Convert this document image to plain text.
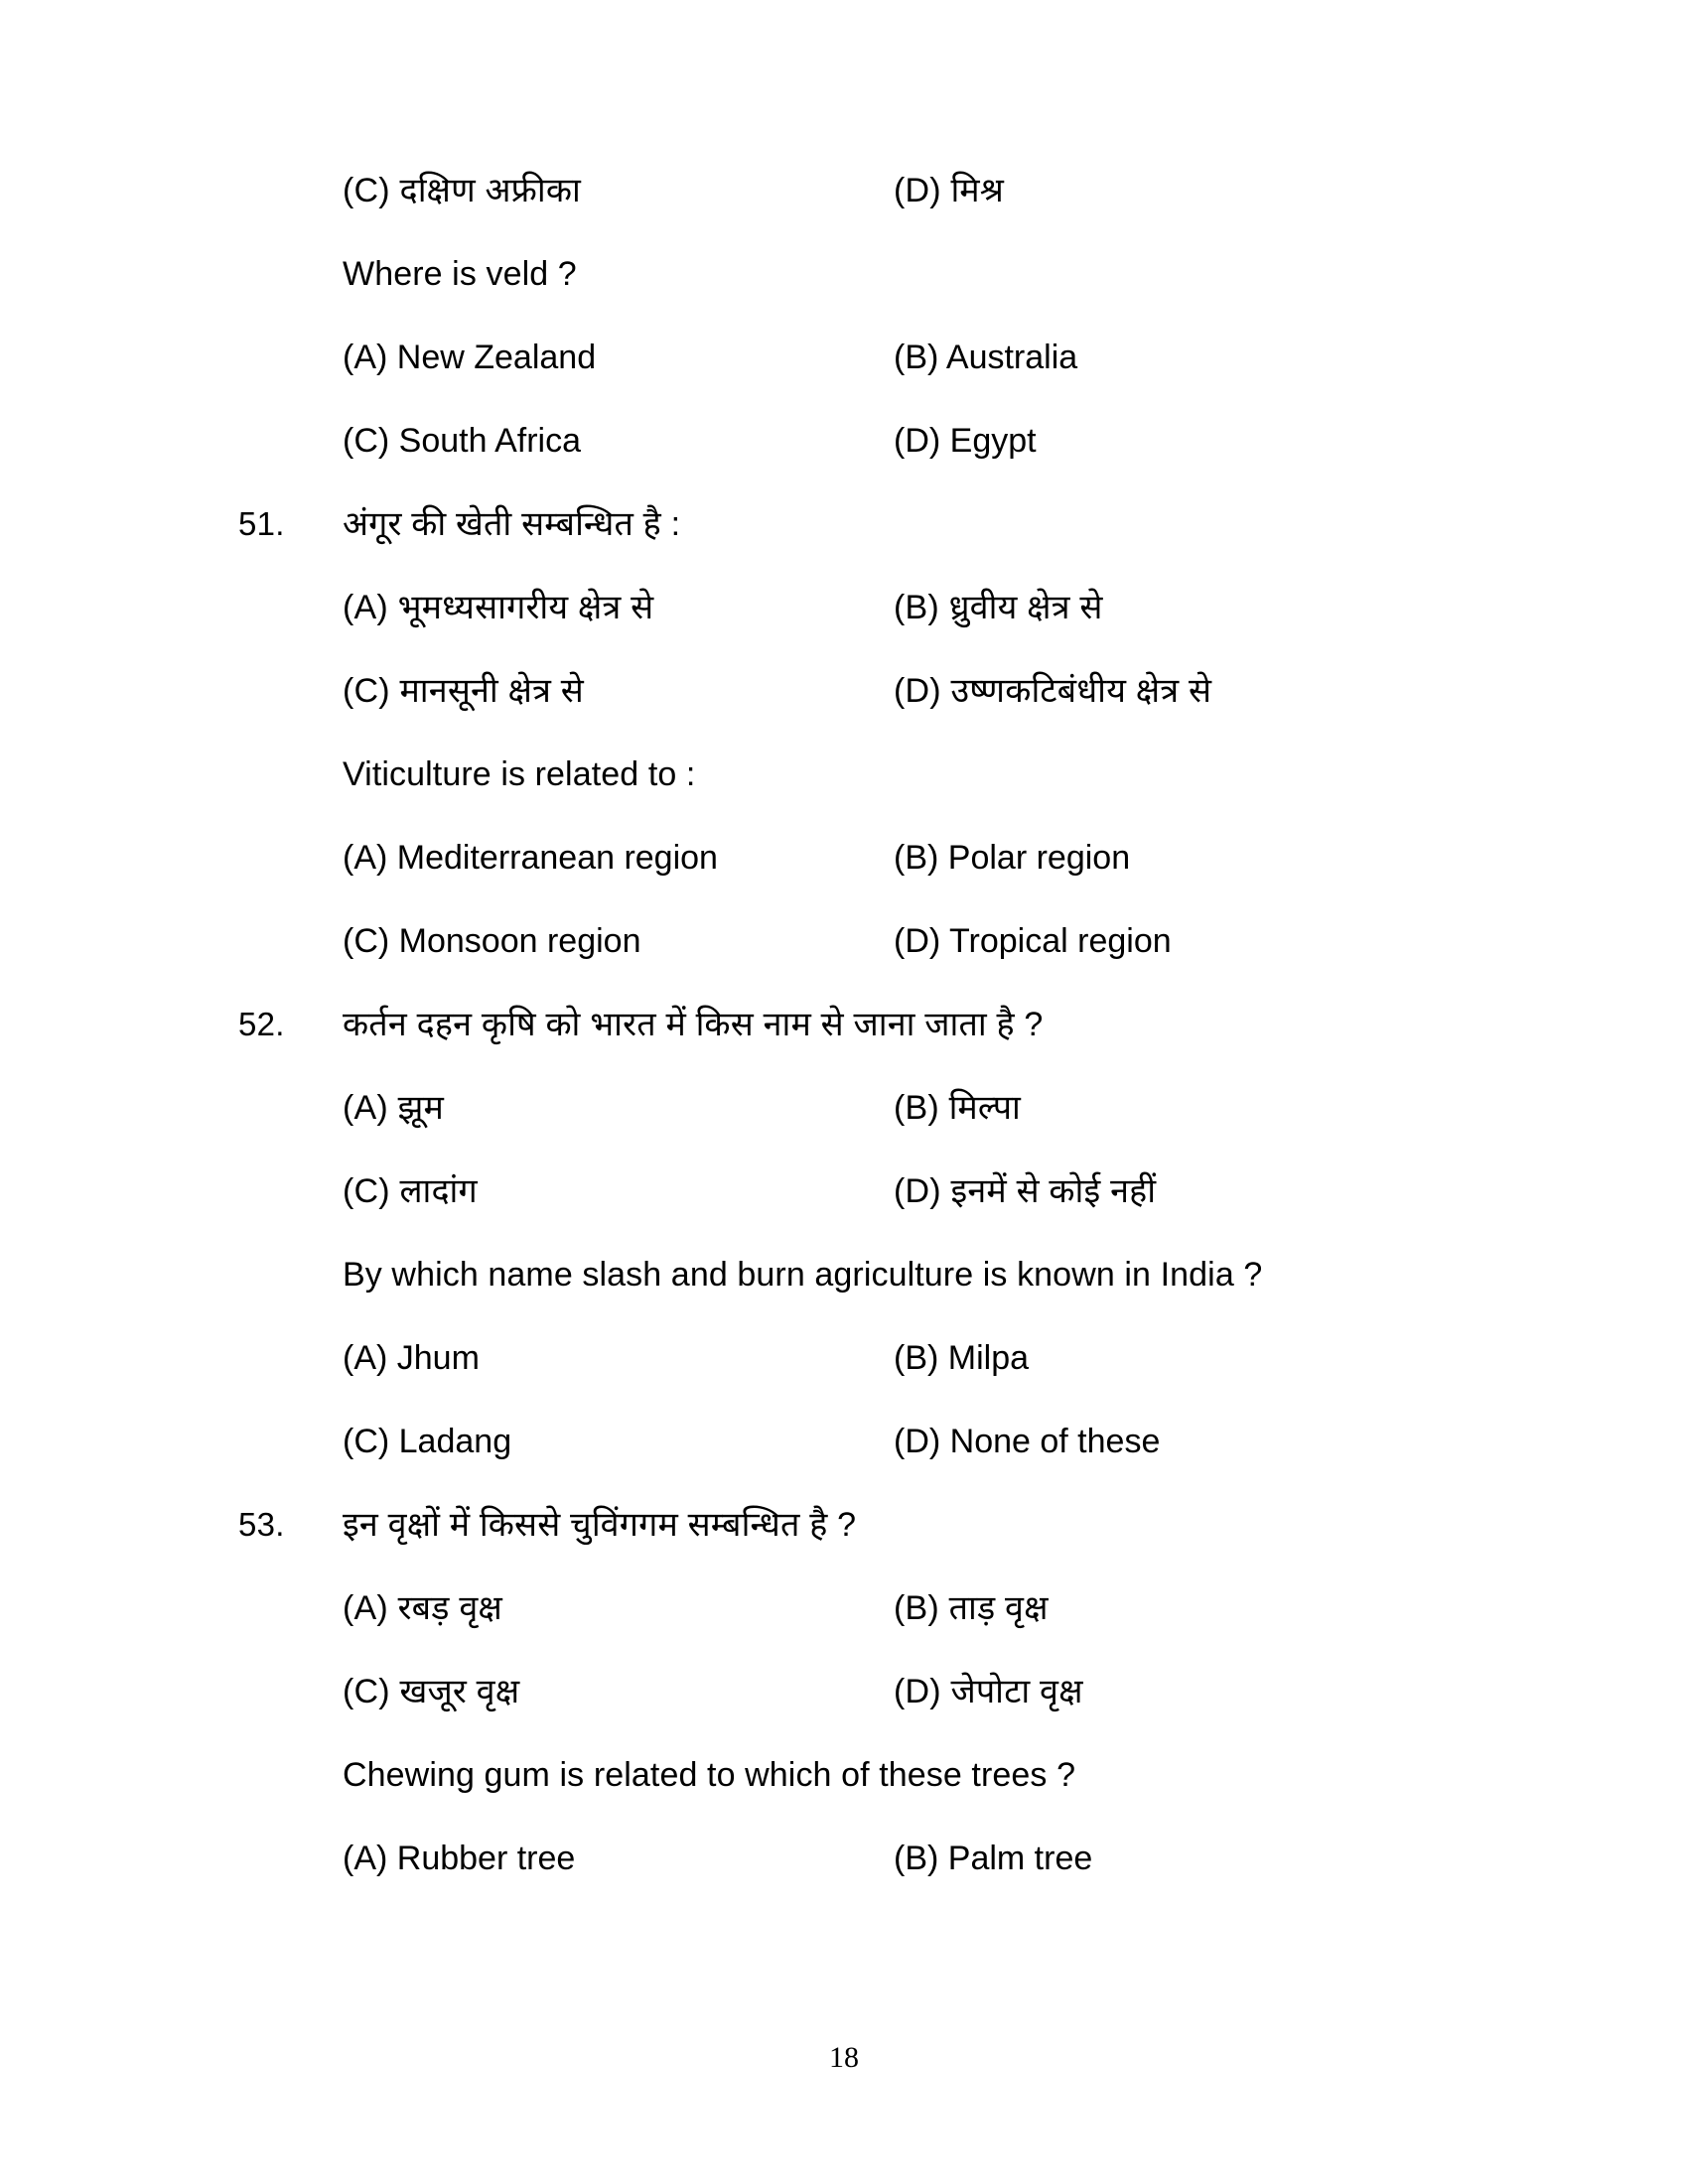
(C) दक्षिण अफ्रीका	(D) मिश्र
Where is veld ?
(A) New Zealand	(B) Australia
(C) South Africa	(D) Egypt
51.	अंगूर की खेती सम्बन्धित है :
(A) भूमध्यसागरीय क्षेत्र से	(B) ध्रुवीय क्षेत्र से
(C) मानसूनी क्षेत्र से	(D) उष्णकटिबंधीय क्षेत्र से
Viticulture is related to :
(A) Mediterranean region	(B) Polar region
(C) Monsoon region	(D) Tropical region
52.	कर्तन दहन कृषि को भारत में किस नाम से जाना जाता है ?
(A) झूम	(B) मिल्पा
(C) लादांग	(D) इनमें से कोई नहीं
By which name slash and burn agriculture is known in India ?
(A) Jhum	(B) Milpa
(C) Ladang	(D) None of these
53.	इन वृक्षों में किससे चुविंगगम सम्बन्धित है ?
(A) रबड़ वृक्ष	(B) ताड़ वृक्ष
(C) खजूर वृक्ष	(D) जेपोटा वृक्ष
Chewing gum is related to which of these trees ?
(A) Rubber tree	(B) Palm tree
18
